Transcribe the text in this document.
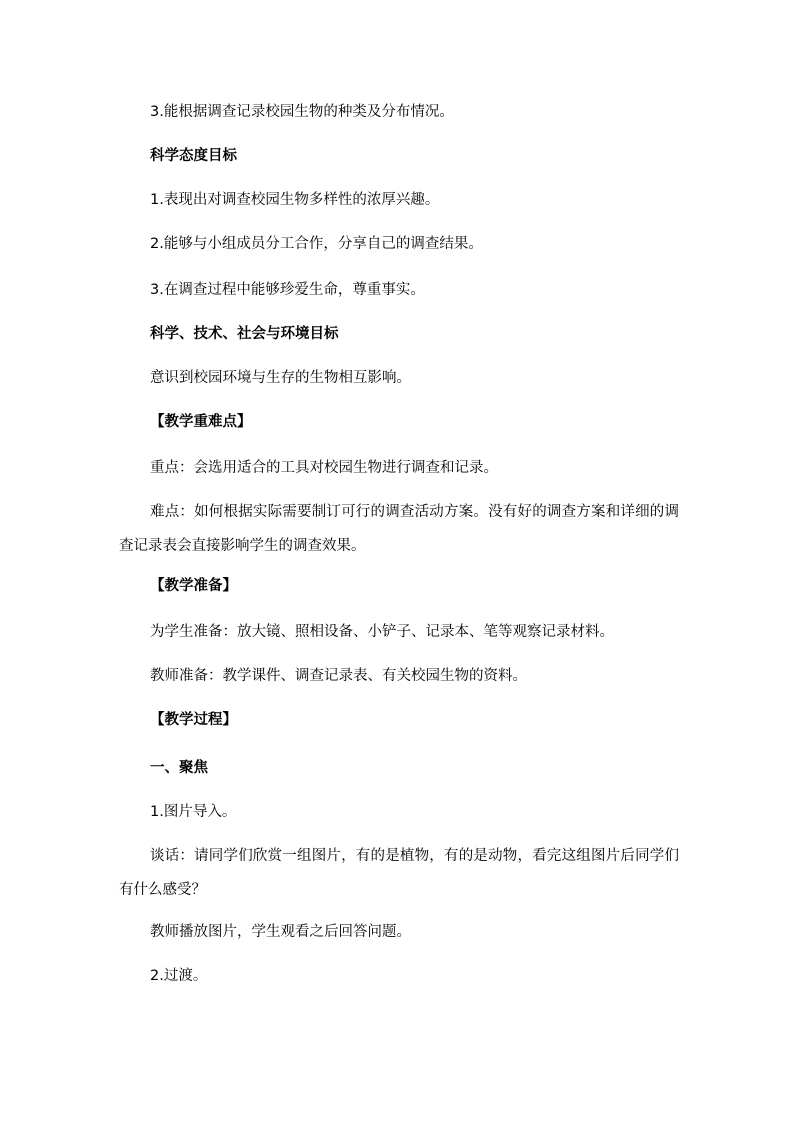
3.能根据调查记录校园生物的种类及分布情况。
科学态度目标
1.表现出对调查校园生物多样性的浓厚兴趣。
2.能够与小组成员分工合作，分享自己的调查结果。
3.在调查过程中能够珍爱生命，尊重事实。
科学、技术、社会与环境目标
意识到校园环境与生存的生物相互影响。
【教学重难点】
重点：会选用适合的工具对校园生物进行调查和记录。
难点：如何根据实际需要制订可行的调查活动方案。没有好的调查方案和详细的调查记录表会直接影响学生的调查效果。
【教学准备】
为学生准备：放大镜、照相设备、小铲子、记录本、笔等观察记录材料。
教师准备：教学课件、调查记录表、有关校园生物的资料。
【教学过程】
一、聚焦
1.图片导入。
谈话：请同学们欣赏一组图片，有的是植物，有的是动物，看完这组图片后同学们有什么感受？
教师播放图片，学生观看之后回答问题。
2.过渡。
